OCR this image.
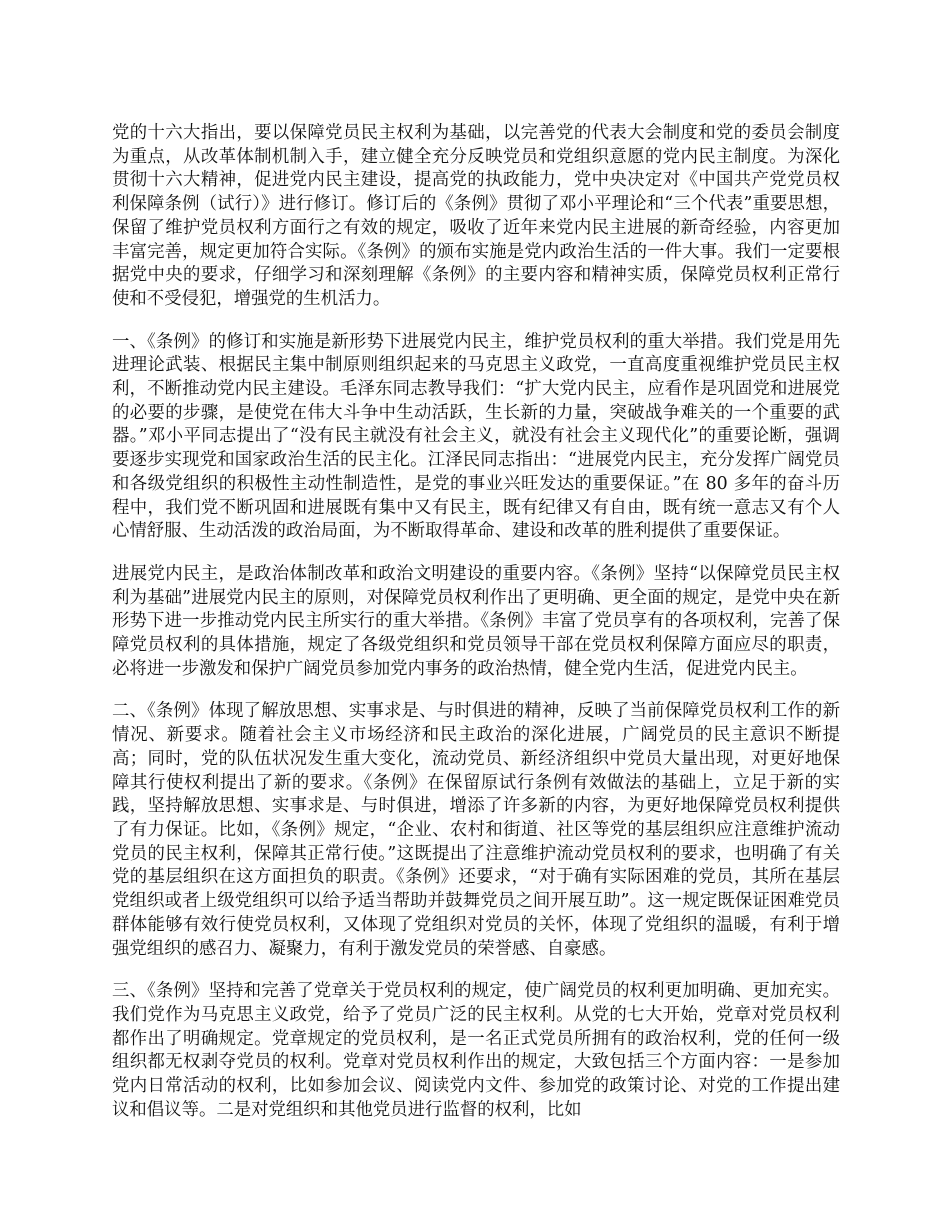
党的十六大指出，要以保障党员民主权利为基础，以完善党的代表大会制度和党的委员会制度为重点，从改革体制机制入手，建立健全充分反映党员和党组织意愿的党内民主制度。为深化贯彻十六大精神，促进党内民主建设，提高党的执政能力，党中央决定对《中国共产党党员权利保障条例（试行）》进行修订。修订后的《条例》贯彻了邓小平理论和“三个代表”重要思想，保留了维护党员权利方面行之有效的规定，吸收了近年来党内民主进展的新奇经验，内容更加丰富完善，规定更加符合实际。《条例》的颁布实施是党内政治生活的一件大事。我们一定要根据党中央的要求，仔细学习和深刻理解《条例》的主要内容和精神实质，保障党员权利正常行使和不受侵犯，增强党的生机活力。

一、《条例》的修订和实施是新形势下进展党内民主，维护党员权利的重大举措。我们党是用先进理论武装、根据民主集中制原则组织起来的马克思主义政党，一直高度重视维护党员民主权利，不断推动党内民主建设。毛泽东同志教导我们：“扩大党内民主，应看作是巩固党和进展党的必要的步骤，是使党在伟大斗争中生动活跃，生长新的力量，突破战争难关的一个重要的武器。”邓小平同志提出了“没有民主就没有社会主义，就没有社会主义现代化”的重要论断，强调要逐步实现党和国家政治生活的民主化。江泽民同志指出：“进展党内民主，充分发挥广阔党员和各级党组织的积极性主动性制造性，是党的事业兴旺发达的重要保证。”在 80 多年的奋斗历程中，我们党不断巩固和进展既有集中又有民主，既有纪律又有自由，既有统一意志又有个人心情舒服、生动活泼的政治局面，为不断取得革命、建设和改革的胜利提供了重要保证。

进展党内民主，是政治体制改革和政治文明建设的重要内容。《条例》坚持“以保障党员民主权利为基础”进展党内民主的原则，对保障党员权利作出了更明确、更全面的规定，是党中央在新形势下进一步推动党内民主所实行的重大举措。《条例》丰富了党员享有的各项权利，完善了保障党员权利的具体措施，规定了各级党组织和党员领导干部在党员权利保障方面应尽的职责，必将进一步激发和保护广阔党员参加党内事务的政治热情，健全党内生活，促进党内民主。

二、《条例》体现了解放思想、实事求是、与时俱进的精神，反映了当前保障党员权利工作的新情况、新要求。随着社会主义市场经济和民主政治的深化进展，广阔党员的民主意识不断提高；同时，党的队伍状况发生重大变化，流动党员、新经济组织中党员大量出现，对更好地保障其行使权利提出了新的要求。《条例》在保留原试行条例有效做法的基础上，立足于新的实践，坚持解放思想、实事求是、与时俱进，增添了许多新的内容，为更好地保障党员权利提供了有力保证。比如，《条例》规定，“企业、农村和街道、社区等党的基层组织应注意维护流动党员的民主权利，保障其正常行使。”这既提出了注意维护流动党员权利的要求，也明确了有关党的基层组织在这方面担负的职责。《条例》还要求，“对于确有实际困难的党员，其所在基层党组织或者上级党组织可以给予适当帮助并鼓舞党员之间开展互助”。这一规定既保证困难党员群体能够有效行使党员权利，又体现了党组织对党员的关怀，体现了党组织的温暖，有利于增强党组织的感召力、凝聚力，有利于激发党员的荣誉感、自豪感。

三、《条例》坚持和完善了党章关于党员权利的规定，使广阔党员的权利更加明确、更加充实。我们党作为马克思主义政党，给予了党员广泛的民主权利。从党的七大开始，党章对党员权利都作出了明确规定。党章规定的党员权利，是一名正式党员所拥有的政治权利，党的任何一级组织都无权剥夺党员的权利。党章对党员权利作出的规定，大致包括三个方面内容：一是参加党内日常活动的权利，比如参加会议、阅读党内文件、参加党的政策讨论、对党的工作提出建议和倡议等。二是对党组织和其他党员进行监督的权利，比如
